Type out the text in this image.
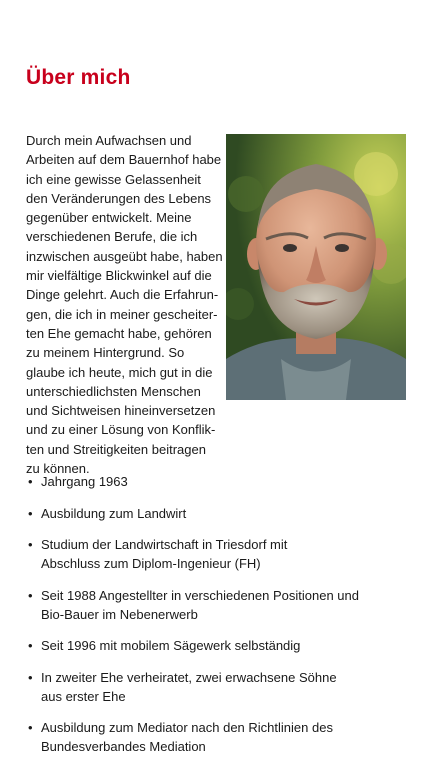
Über mich
Durch mein Aufwachsen und
Arbeiten auf dem Bauernhof habe
ich eine gewisse Gelassenheit
den Veränderungen des Lebens
gegenüber entwickelt. Meine
verschiedenen Berufe, die ich
inzwischen ausgeübt habe, haben
mir vielfältige Blickwinkel auf die
Dinge gelehrt. Auch die Erfahrun-
gen, die ich in meiner gescheiter-
ten Ehe gemacht habe, gehören
zu meinem Hintergrund. So
glaube ich heute, mich gut in die
unterschiedlichsten Menschen
und Sichtweisen hineinversetzen
und zu einer Lösung von Konflik-
ten und Streitigkeiten beitragen
zu können.
• Jahrgang 1963
• Ausbildung zum Landwirt
• Studium der Landwirtschaft in Triesdorf mit
Abschluss zum Diplom-Ingenieur (FH)
• Seit 1988 Angestellter in verschiedenen Positionen und
Bio-Bauer im Nebenerwerb
• Seit 1996 mit mobilem Sägewerk selbständig
• In zweiter Ehe verheiratet, zwei erwachsene Söhne
aus erster Ehe
• Ausbildung zum Mediator nach den Richtlinien des
Bundesverbandes Mediation
